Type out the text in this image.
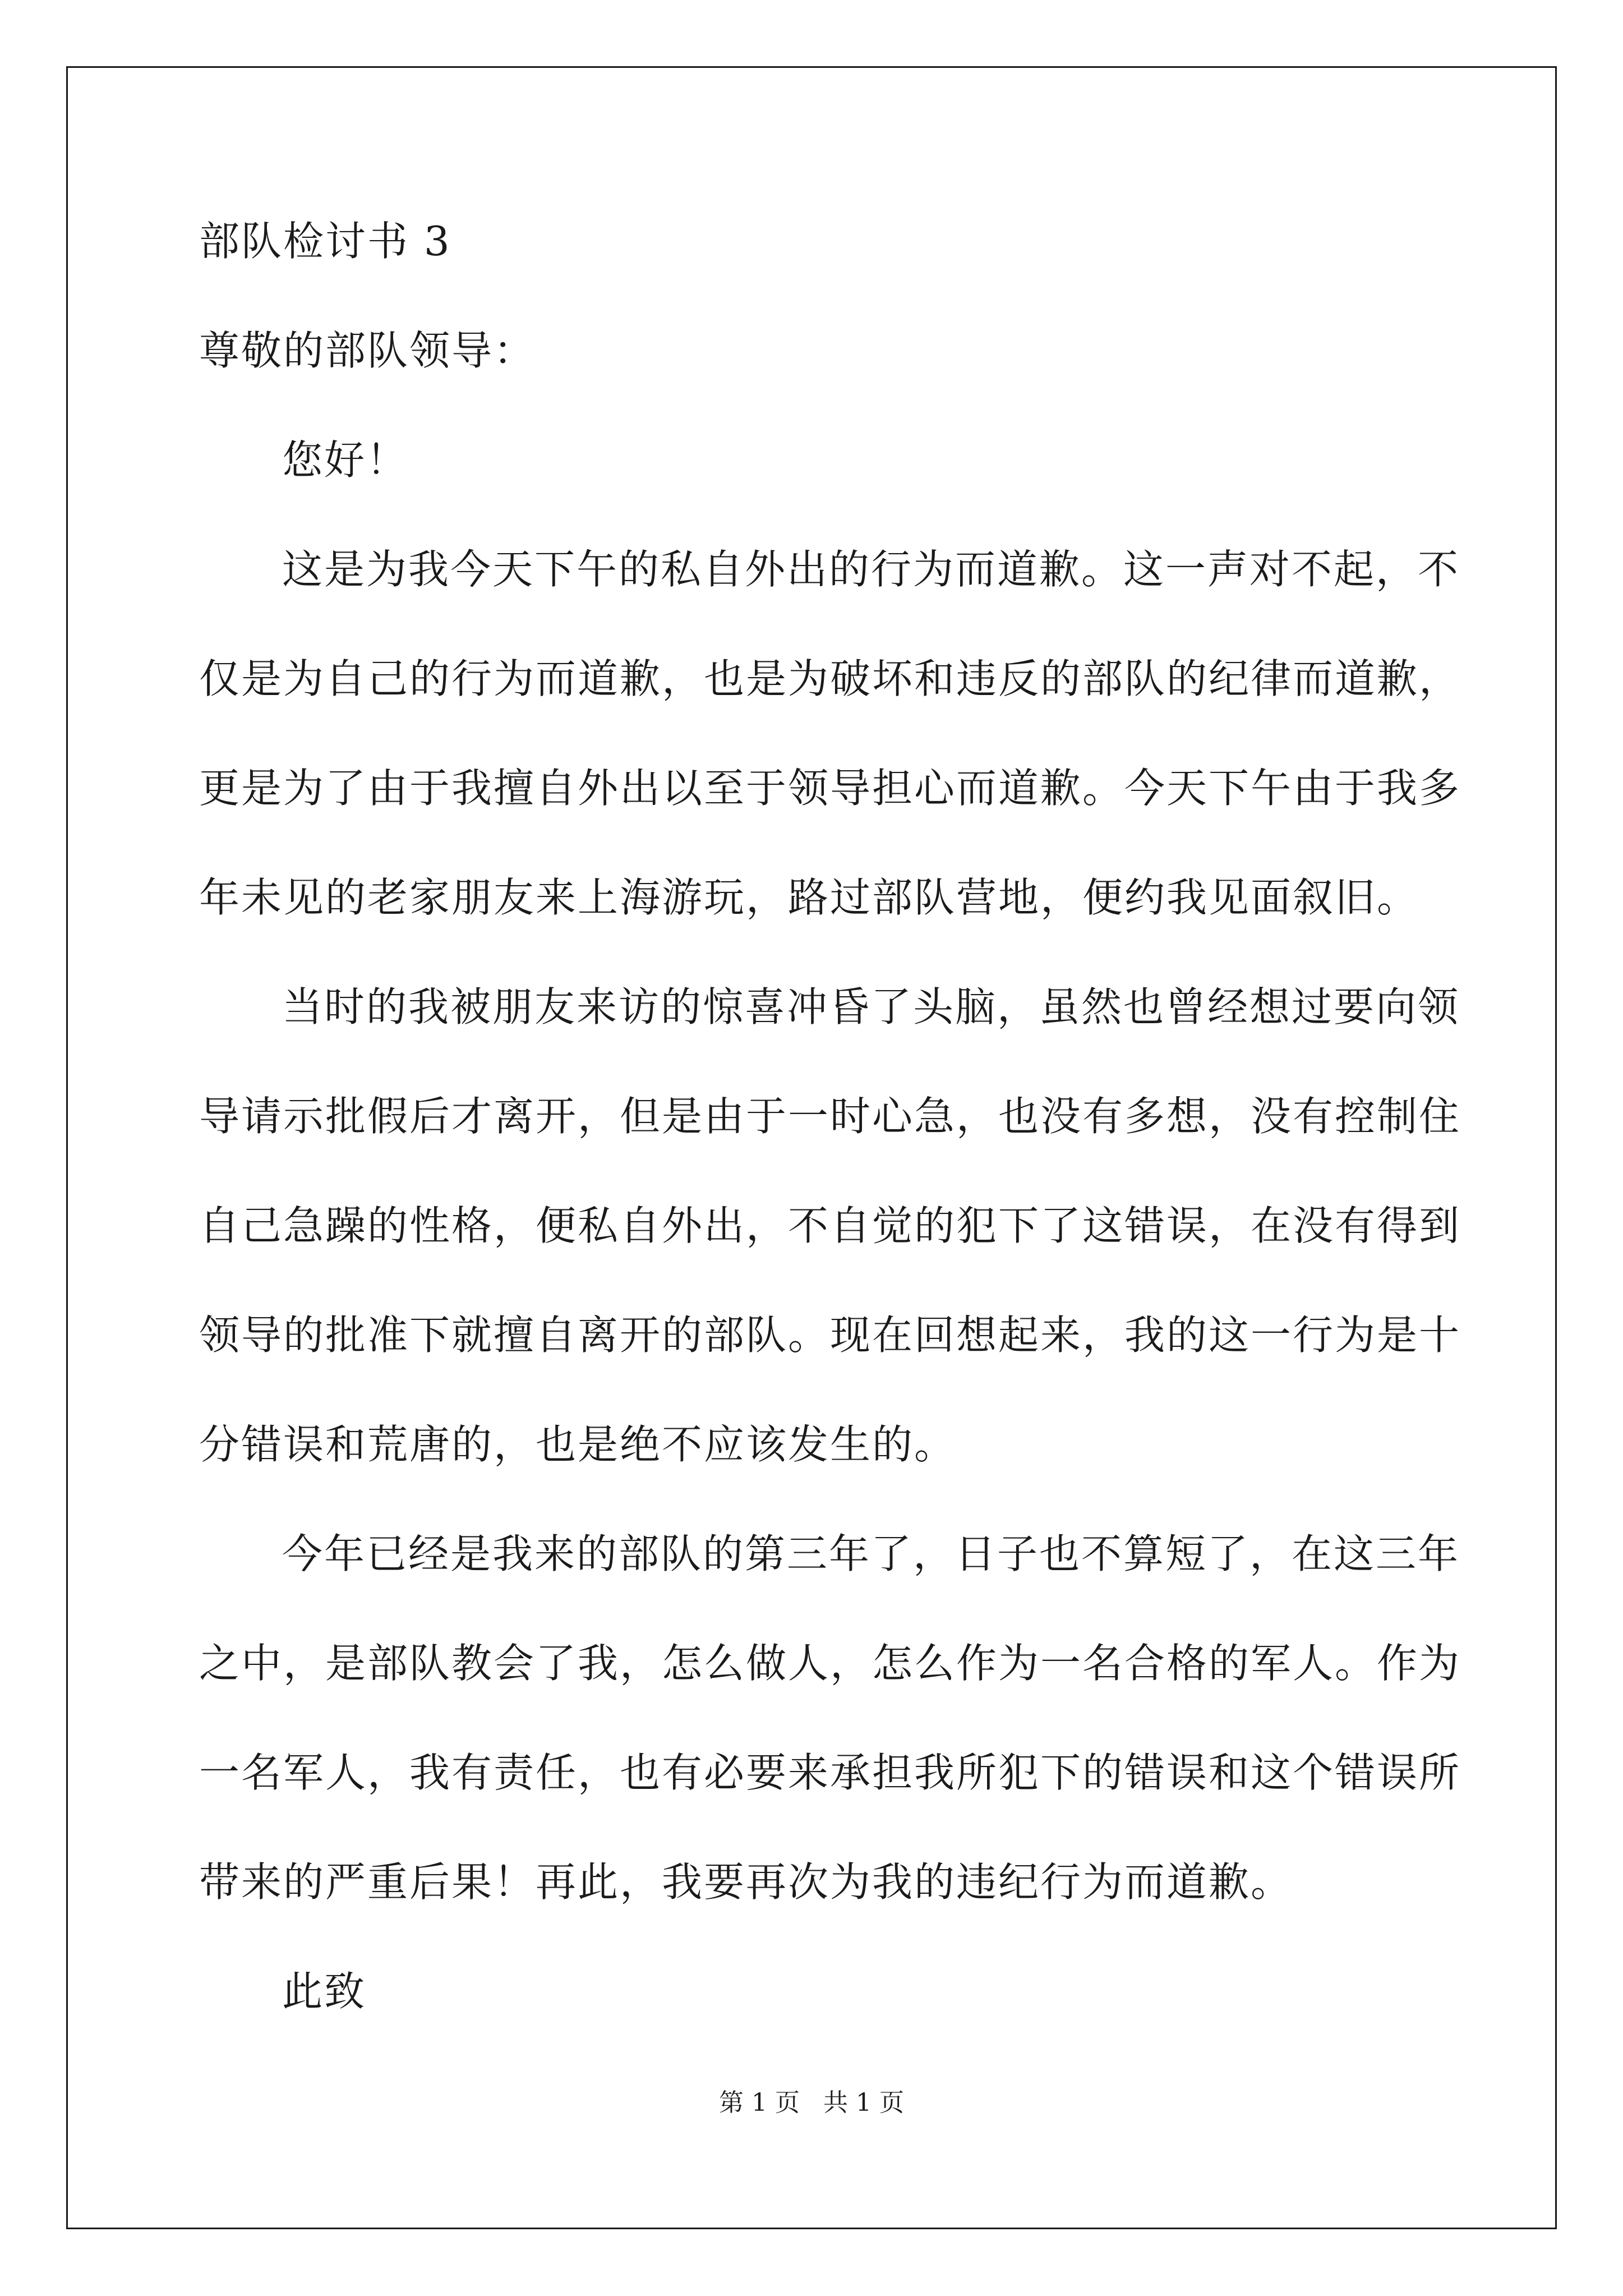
部队检讨书 3
尊敬的部队领导：
您好！
这是为我今天下午的私自外出的行为而道歉。这一声对不起，不
仅是为自己的行为而道歉，也是为破坏和违反的部队的纪律而道歉，
更是为了由于我擅自外出以至于领导担心而道歉。今天下午由于我多
年未见的老家朋友来上海游玩，路过部队营地，便约我见面叙旧。
当时的我被朋友来访的惊喜冲昏了头脑，虽然也曾经想过要向领
导请示批假后才离开，但是由于一时心急，也没有多想，没有控制住
自己急躁的性格，便私自外出，不自觉的犯下了这错误，在没有得到
领导的批准下就擅自离开的部队。现在回想起来，我的这一行为是十
分错误和荒唐的，也是绝不应该发生的。
今年已经是我来的部队的第三年了，日子也不算短了，在这三年
之中，是部队教会了我，怎么做人，怎么作为一名合格的军人。作为
一名军人，我有责任，也有必要来承担我所犯下的错误和这个错误所
带来的严重后果！再此，我要再次为我的违纪行为而道歉。
此致
第 1 页   共 1 页
